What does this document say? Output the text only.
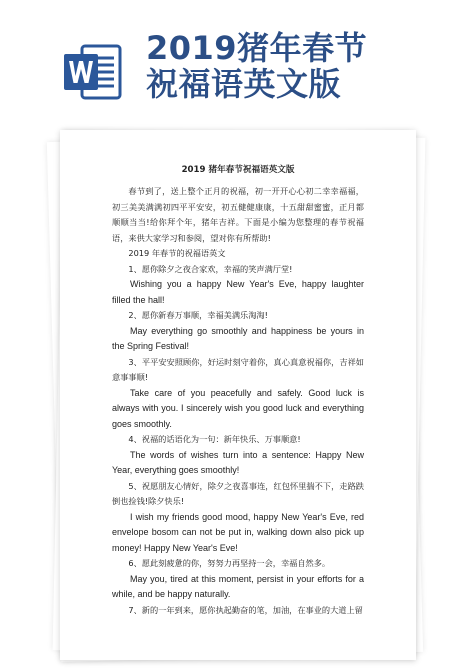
2019猪年春节
祝福语英文版
2019 猪年春节祝福语英文版

春节到了，送上整个正月的祝福，初一开开心心初二幸幸福福，初三美美满满初四平平安安，初五健健康康，十五甜甜蜜蜜，正月都顺顺当当!给你拜个年，猪年吉祥。下面是小编为您整理的春节祝福语，来供大家学习和参阅，望对你有所帮助!

2019 年春节的祝福语英文

1、愿你除夕之夜合家欢，幸福的笑声满厅堂!

Wishing you a happy New Year's Eve, happy laughter filled the hall!

2、愿你新春万事顺，幸福美满乐淘淘!

May everything go smoothly and happiness be yours in the Spring Festival!

3、平平安安照顾你，好运时刻守着你，真心真意祝福你，吉祥如意事事顺!

Take care of you peacefully and safely. Good luck is always with you. I sincerely wish you good luck and everything goes smoothly.

4、祝福的话语化为一句：新年快乐、万事顺意!

The words of wishes turn into a sentence: Happy New Year, everything goes smoothly!

5、祝愿朋友心情好，除夕之夜喜事连，红包怀里揣不下，走路跌倒也捡钱!除夕快乐!

I wish my friends good mood, happy New Year's Eve, red envelope bosom can not be put in, walking down also pick up money! Happy New Year's Eve!

6、愿此刻疲惫的你，努努力再坚持一会，幸福自然多。

May you, tired at this moment, persist in your efforts for a while, and be happy naturally.

7、新的一年到来，愿你执起勤奋的笔，加油，在事业的大道上留
